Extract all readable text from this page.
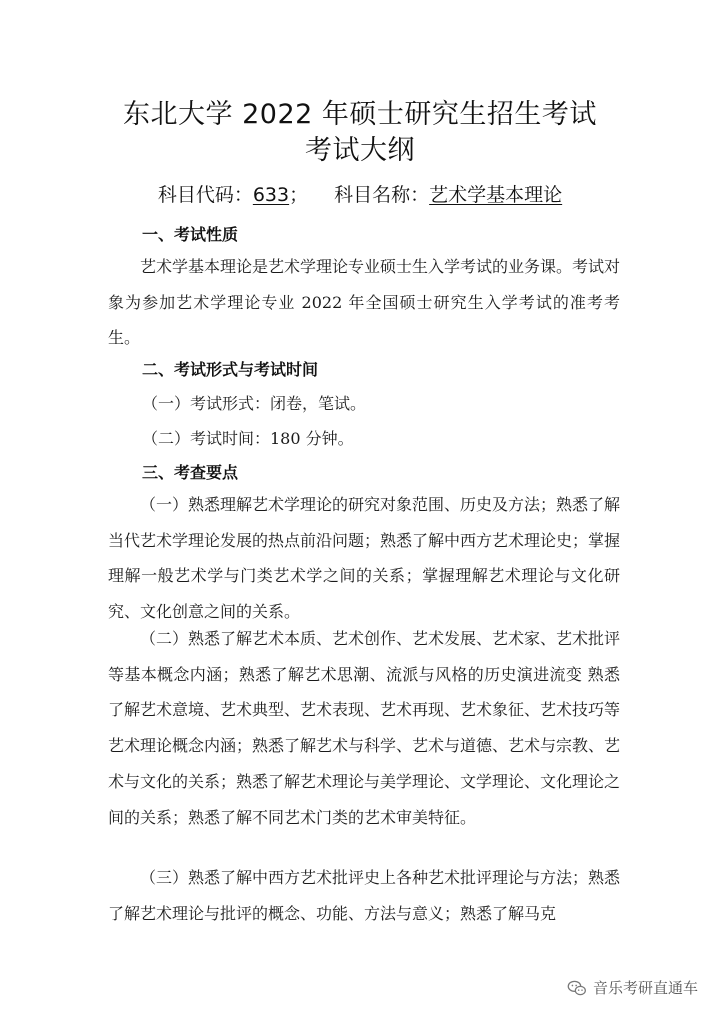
东北大学 2022 年硕士研究生招生考试
考试大纲
科目代码：633； 科目名称：艺术学基本理论
一、考试性质
艺术学基本理论是艺术学理论专业硕士生入学考试的业务课。考试对象为参加艺术学理论专业 2022 年全国硕士研究生入学考试的准考考生。
二、考试形式与考试时间
（一）考试形式：闭卷，笔试。
（二）考试时间：180 分钟。
三、考查要点
（一）熟悉理解艺术学理论的研究对象范围、历史及方法；熟悉了解当代艺术学理论发展的热点前沿问题；熟悉了解中西方艺术理论史；掌握理解一般艺术学与门类艺术学之间的关系；掌握理解艺术理论与文化研究、文化创意之间的关系。
（二）熟悉了解艺术本质、艺术创作、艺术发展、艺术家、艺术批评等基本概念内涵；熟悉了解艺术思潮、流派与风格的历史演进流变 熟悉了解艺术意境、艺术典型、艺术表现、艺术再现、艺术象征、艺术技巧等艺术理论概念内涵；熟悉了解艺术与科学、艺术与道德、艺术与宗教、艺术与文化的关系；熟悉了解艺术理论与美学理论、文学理论、文化理论之间的关系；熟悉了解不同艺术门类的艺术审美特征。
（三）熟悉了解中西方艺术批评史上各种艺术批评理论与方法；熟悉了解艺术理论与批评的概念、功能、方法与意义；熟悉了解马克
音乐考研直通车
